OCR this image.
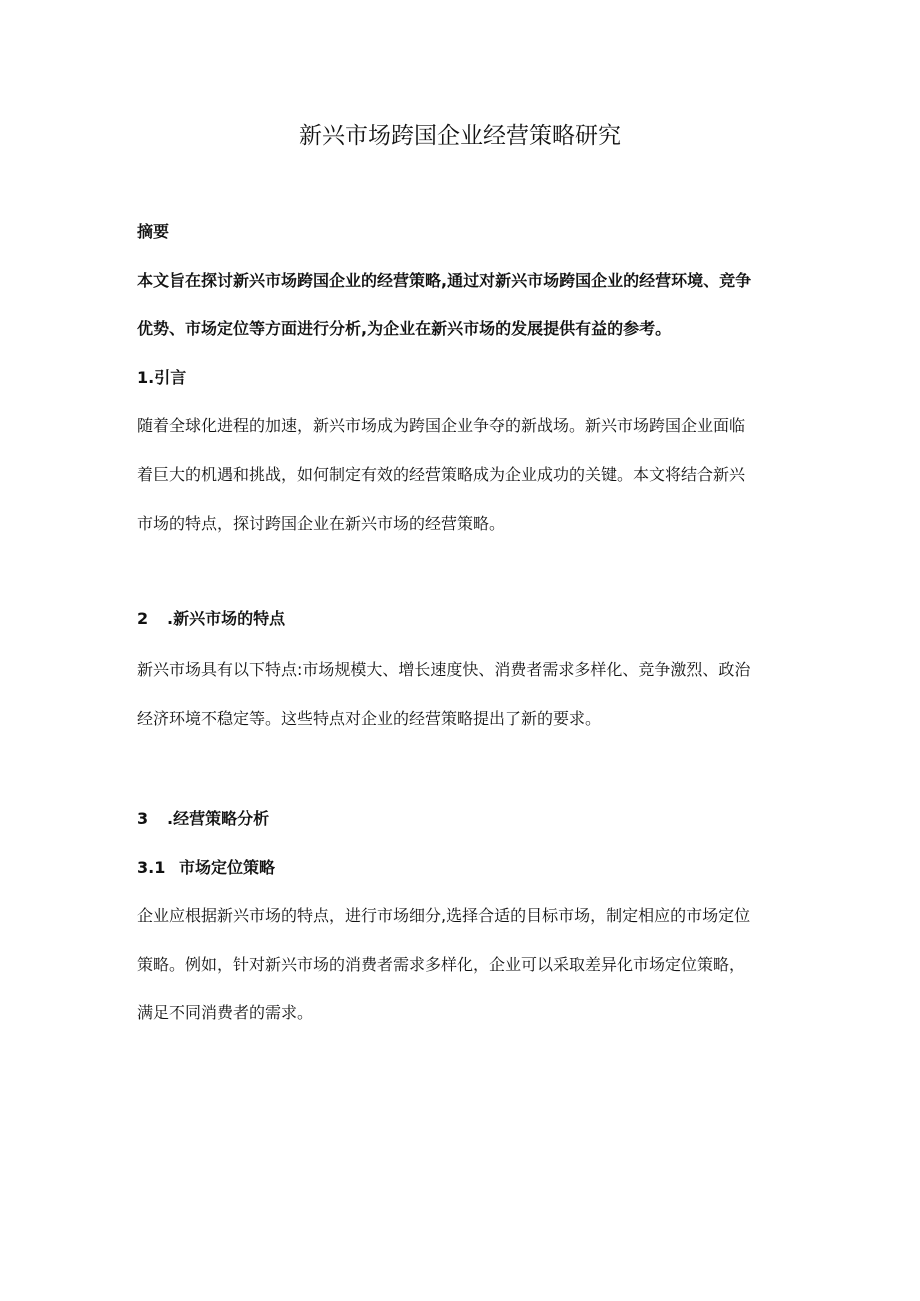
新兴市场跨国企业经营策略研究
摘要
本文旨在探讨新兴市场跨国企业的经营策略,通过对新兴市场跨国企业的经营环境、竞争
优势、市场定位等方面进行分析,为企业在新兴市场的发展提供有益的参考。
1.引言
随着全球化进程的加速，新兴市场成为跨国企业争夺的新战场。新兴市场跨国企业面临
着巨大的机遇和挑战，如何制定有效的经营策略成为企业成功的关键。本文将结合新兴
市场的特点，探讨跨国企业在新兴市场的经营策略。
2 .新兴市场的特点
新兴市场具有以下特点:市场规模大、增长速度快、消费者需求多样化、竞争激烈、政治
经济环境不稳定等。这些特点对企业的经营策略提出了新的要求。
3 .经营策略分析
3.1 市场定位策略
企业应根据新兴市场的特点，进行市场细分,选择合适的目标市场，制定相应的市场定位
策略。例如，针对新兴市场的消费者需求多样化，企业可以采取差异化市场定位策略，
满足不同消费者的需求。
